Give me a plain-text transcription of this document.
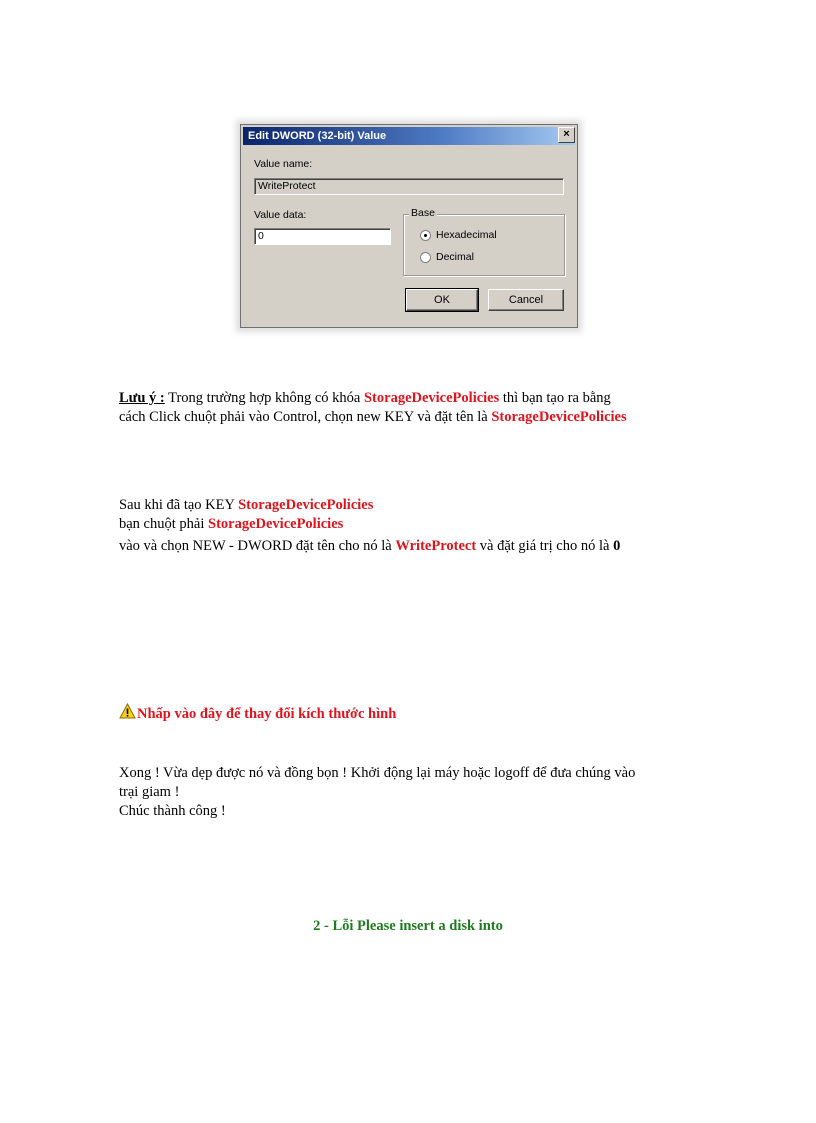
Edit DWORD (32-bit) Value	×
Value name:
WriteProtect
Value data:
0
Base
Hexadecimal
Decimal
OK	Cancel
Lưu ý : Trong trường hợp không có khóa StorageDevicePolicies thì bạn tạo ra bằng
cách Click chuột phải vào Control, chọn new KEY và đặt tên là StorageDevicePolicies
Sau khi đã tạo KEY StorageDevicePolicies
bạn chuột phải StorageDevicePolicies
vào và chọn NEW - DWORD đặt tên cho nó là WriteProtect và đặt giá trị cho nó là 0
Nhấp vào đây để thay đổi kích thước hình
Xong ! Vừa dẹp được nó và đồng bọn ! Khởi động lại máy hoặc logoff để đưa chúng vào
trại giam !
Chúc thành công !
2 - Lỗi Please insert a disk into
